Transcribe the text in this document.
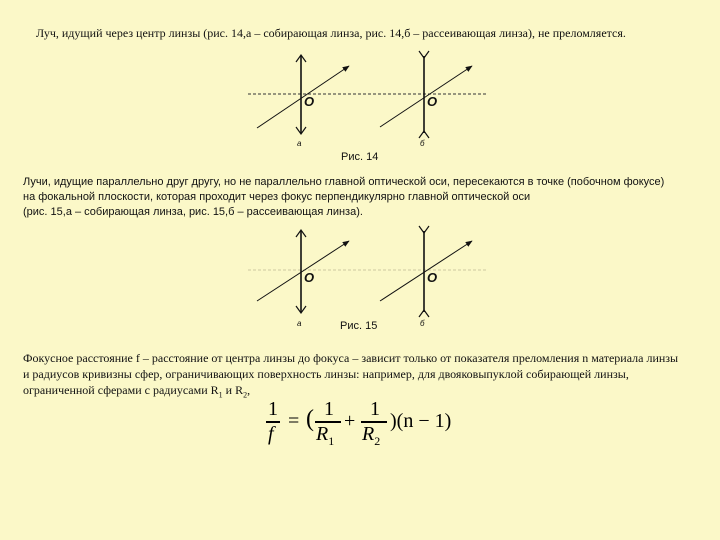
Луч, идущий через центр линзы (рис. 14,а – собирающая линза, рис. 14,б – рассеивающая линза), не преломляется.
O	O
а	б
Рис. 14
Лучи, идущие параллельно друг другу, но не параллельно главной оптической оси, пересекаются в точке (побочном фокусе)
на фокальной плоскости, которая проходит через фокус перпендикулярно главной оптической оси
(рис. 15,а – собирающая линза, рис. 15,б – рассеивающая линза).
O	O
а	б
Рис. 15
Фокусное расстояние f – расстояние от центра линзы до фокуса – зависит только от показателя преломления n материала линзы
и радиусов кривизны сфер, ограничивающих поверхность линзы: например, для двояковыпуклой собирающей линзы,
ограниченной сферами с радиусами $R_1$ и $R_2$,
1
f
= ( 1
$R_1$
+
1
$R_2$
)(n − 1)
